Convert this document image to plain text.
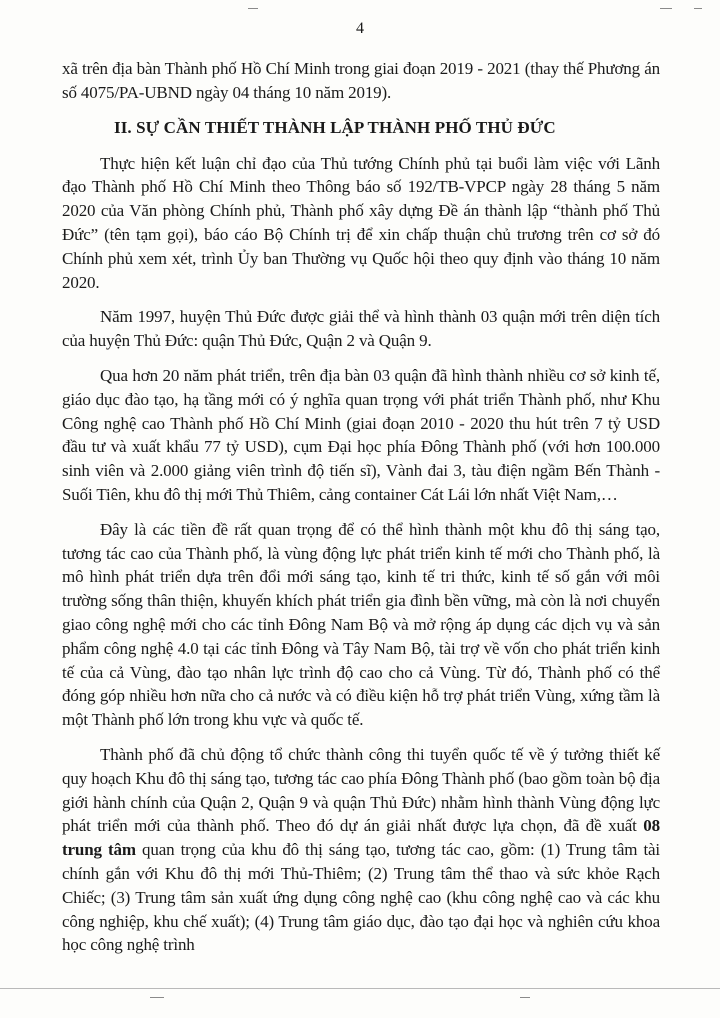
4

xã trên địa bàn Thành phố Hồ Chí Minh trong giai đoạn 2019 - 2021 (thay thế Phương án số 4075/PA-UBND ngày 04 tháng 10 năm 2019).

II. SỰ CẦN THIẾT THÀNH LẬP THÀNH PHỐ THỦ ĐỨC

Thực hiện kết luận chỉ đạo của Thủ tướng Chính phủ tại buổi làm việc với Lãnh đạo Thành phố Hồ Chí Minh theo Thông báo số 192/TB-VPCP ngày 28 tháng 5 năm 2020 của Văn phòng Chính phủ, Thành phố xây dựng Đề án thành lập “thành phố Thủ Đức” (tên tạm gọi), báo cáo Bộ Chính trị để xin chấp thuận chủ trương trên cơ sở đó Chính phủ xem xét, trình Ủy ban Thường vụ Quốc hội theo quy định vào tháng 10 năm 2020.

Năm 1997, huyện Thủ Đức được giải thể và hình thành 03 quận mới trên diện tích của huyện Thủ Đức: quận Thủ Đức, Quận 2 và Quận 9.

Qua hơn 20 năm phát triển, trên địa bàn 03 quận đã hình thành nhiều cơ sở kinh tế, giáo dục đào tạo, hạ tầng mới có ý nghĩa quan trọng với phát triển Thành phố, như Khu Công nghệ cao Thành phố Hồ Chí Minh (giai đoạn 2010 - 2020 thu hút trên 7 tỷ USD đầu tư và xuất khẩu 77 tỷ USD), cụm Đại học phía Đông Thành phố (với hơn 100.000 sinh viên và 2.000 giảng viên trình độ tiến sĩ), Vành đai 3, tàu điện ngầm Bến Thành - Suối Tiên, khu đô thị mới Thủ Thiêm, cảng container Cát Lái lớn nhất Việt Nam,…

Đây là các tiền đề rất quan trọng để có thể hình thành một khu đô thị sáng tạo, tương tác cao của Thành phố, là vùng động lực phát triển kinh tế mới cho Thành phố, là mô hình phát triển dựa trên đổi mới sáng tạo, kinh tế tri thức, kinh tế số gắn với môi trường sống thân thiện, khuyến khích phát triển gia đình bền vững, mà còn là nơi chuyển giao công nghệ mới cho các tỉnh Đông Nam Bộ và mở rộng áp dụng các dịch vụ và sản phẩm công nghệ 4.0 tại các tỉnh Đông và Tây Nam Bộ, tài trợ về vốn cho phát triển kinh tế của cả Vùng, đào tạo nhân lực trình độ cao cho cả Vùng. Từ đó, Thành phố có thể đóng góp nhiều hơn nữa cho cả nước và có điều kiện hỗ trợ phát triển Vùng, xứng tầm là một Thành phố lớn trong khu vực và quốc tế.

Thành phố đã chủ động tổ chức thành công thi tuyển quốc tế về ý tưởng thiết kế quy hoạch Khu đô thị sáng tạo, tương tác cao phía Đông Thành phố (bao gồm toàn bộ địa giới hành chính của Quận 2, Quận 9 và quận Thủ Đức) nhằm hình thành Vùng động lực phát triển mới của thành phố. Theo đó dự án giải nhất được lựa chọn, đã đề xuất 08 trung tâm quan trọng của khu đô thị sáng tạo, tương tác cao, gồm: (1) Trung tâm tài chính gắn với Khu đô thị mới Thủ-Thiêm; (2) Trung tâm thể thao và sức khỏe Rạch Chiếc; (3) Trung tâm sản xuất ứng dụng công nghệ cao (khu công nghệ cao và các khu công nghiệp, khu chế xuất); (4) Trung tâm giáo dục, đào tạo đại học và nghiên cứu khoa học công nghệ trình
